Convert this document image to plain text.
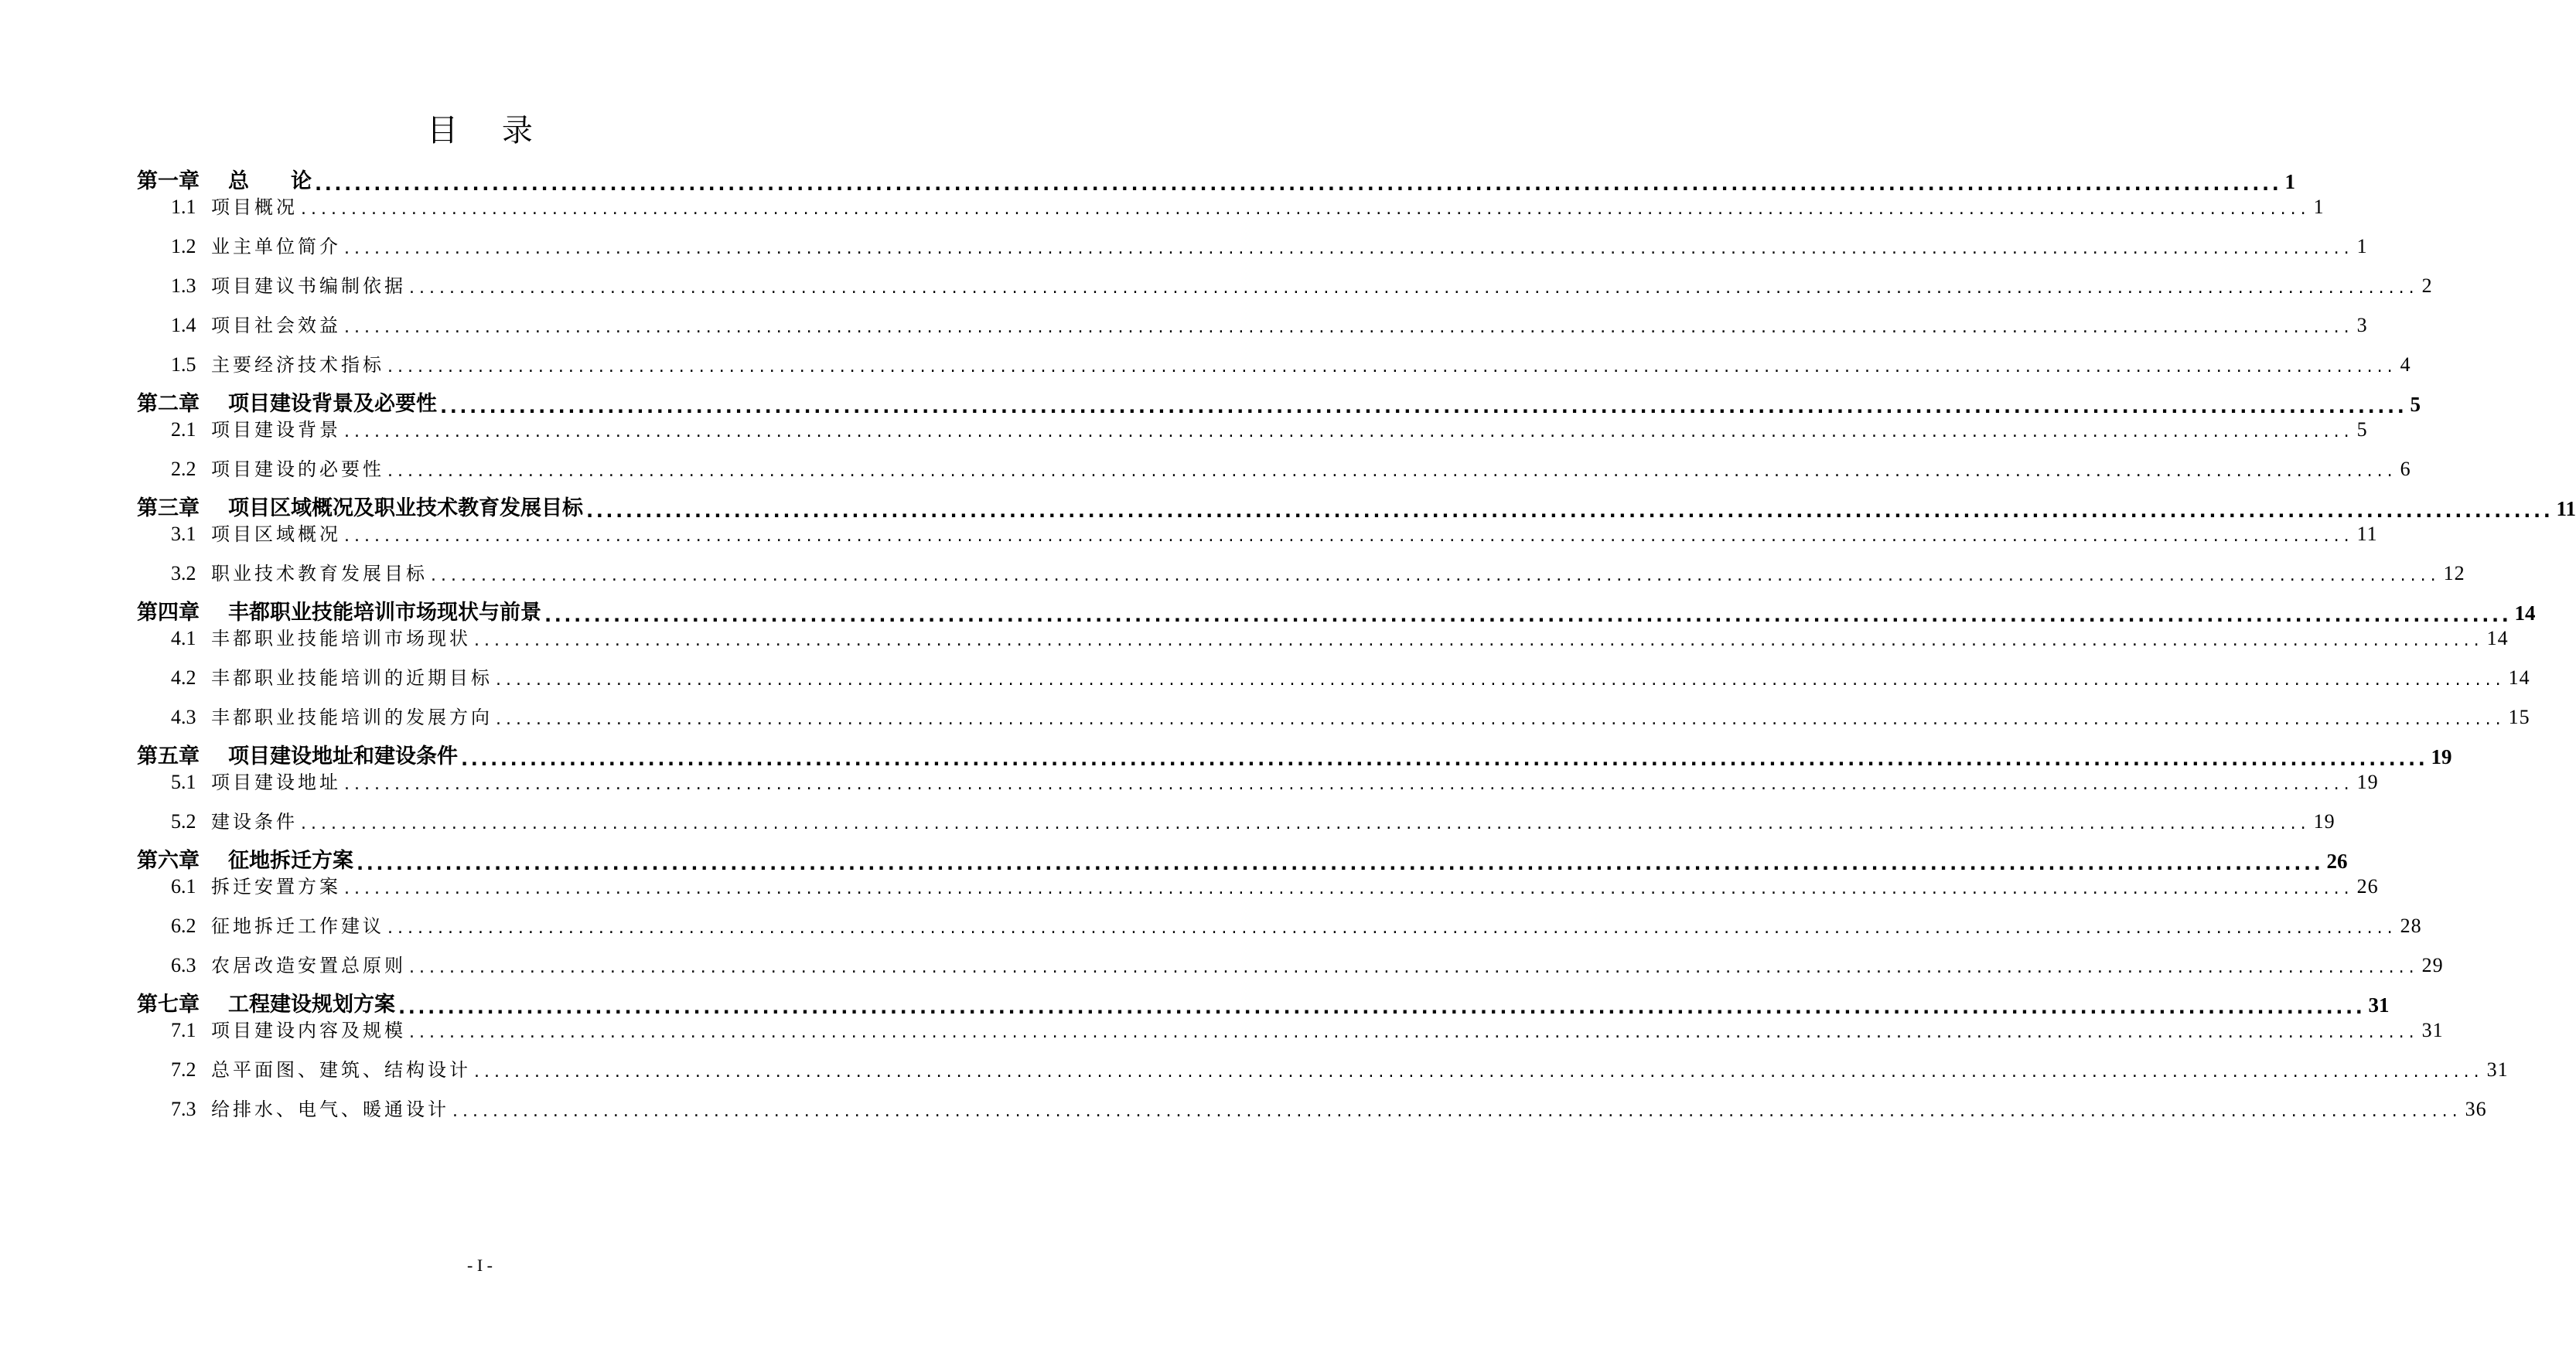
目 录
第一章 总　　论 ........................................................................................................................................................................................................ 1
1.1 项目概况 ........................................................................................................................................................................................................ 1
1.2 业主单位简介 ........................................................................................................................................................................................................ 1
1.3 项目建议书编制依据 ........................................................................................................................................................................................................ 2
1.4 项目社会效益 ........................................................................................................................................................................................................ 3
1.5 主要经济技术指标 ........................................................................................................................................................................................................ 4
第二章 项目建设背景及必要性 ........................................................................................................................................................................................................ 5
2.1 项目建设背景 ........................................................................................................................................................................................................ 5
2.2 项目建设的必要性 ........................................................................................................................................................................................................ 6
第三章 项目区域概况及职业技术教育发展目标 ........................................................................................................................................................................................................ 11
3.1 项目区域概况 ........................................................................................................................................................................................................ 11
3.2 职业技术教育发展目标 ........................................................................................................................................................................................................ 12
第四章 丰都职业技能培训市场现状与前景 ........................................................................................................................................................................................................ 14
4.1 丰都职业技能培训市场现状 ........................................................................................................................................................................................................ 14
4.2 丰都职业技能培训的近期目标 ........................................................................................................................................................................................................ 14
4.3 丰都职业技能培训的发展方向 ........................................................................................................................................................................................................ 15
第五章 项目建设地址和建设条件 ........................................................................................................................................................................................................ 19
5.1 项目建设地址 ........................................................................................................................................................................................................ 19
5.2 建设条件 ........................................................................................................................................................................................................ 19
第六章 征地拆迁方案 ........................................................................................................................................................................................................ 26
6.1 拆迁安置方案 ........................................................................................................................................................................................................ 26
6.2 征地拆迁工作建议 ........................................................................................................................................................................................................ 28
6.3 农居改造安置总原则 ........................................................................................................................................................................................................ 29
第七章 工程建设规划方案 ........................................................................................................................................................................................................ 31
7.1 项目建设内容及规模 ........................................................................................................................................................................................................ 31
7.2 总平面图、建筑、结构设计 ........................................................................................................................................................................................................ 31
7.3 给排水、电气、暖通设计 ........................................................................................................................................................................................................ 36
- I -
